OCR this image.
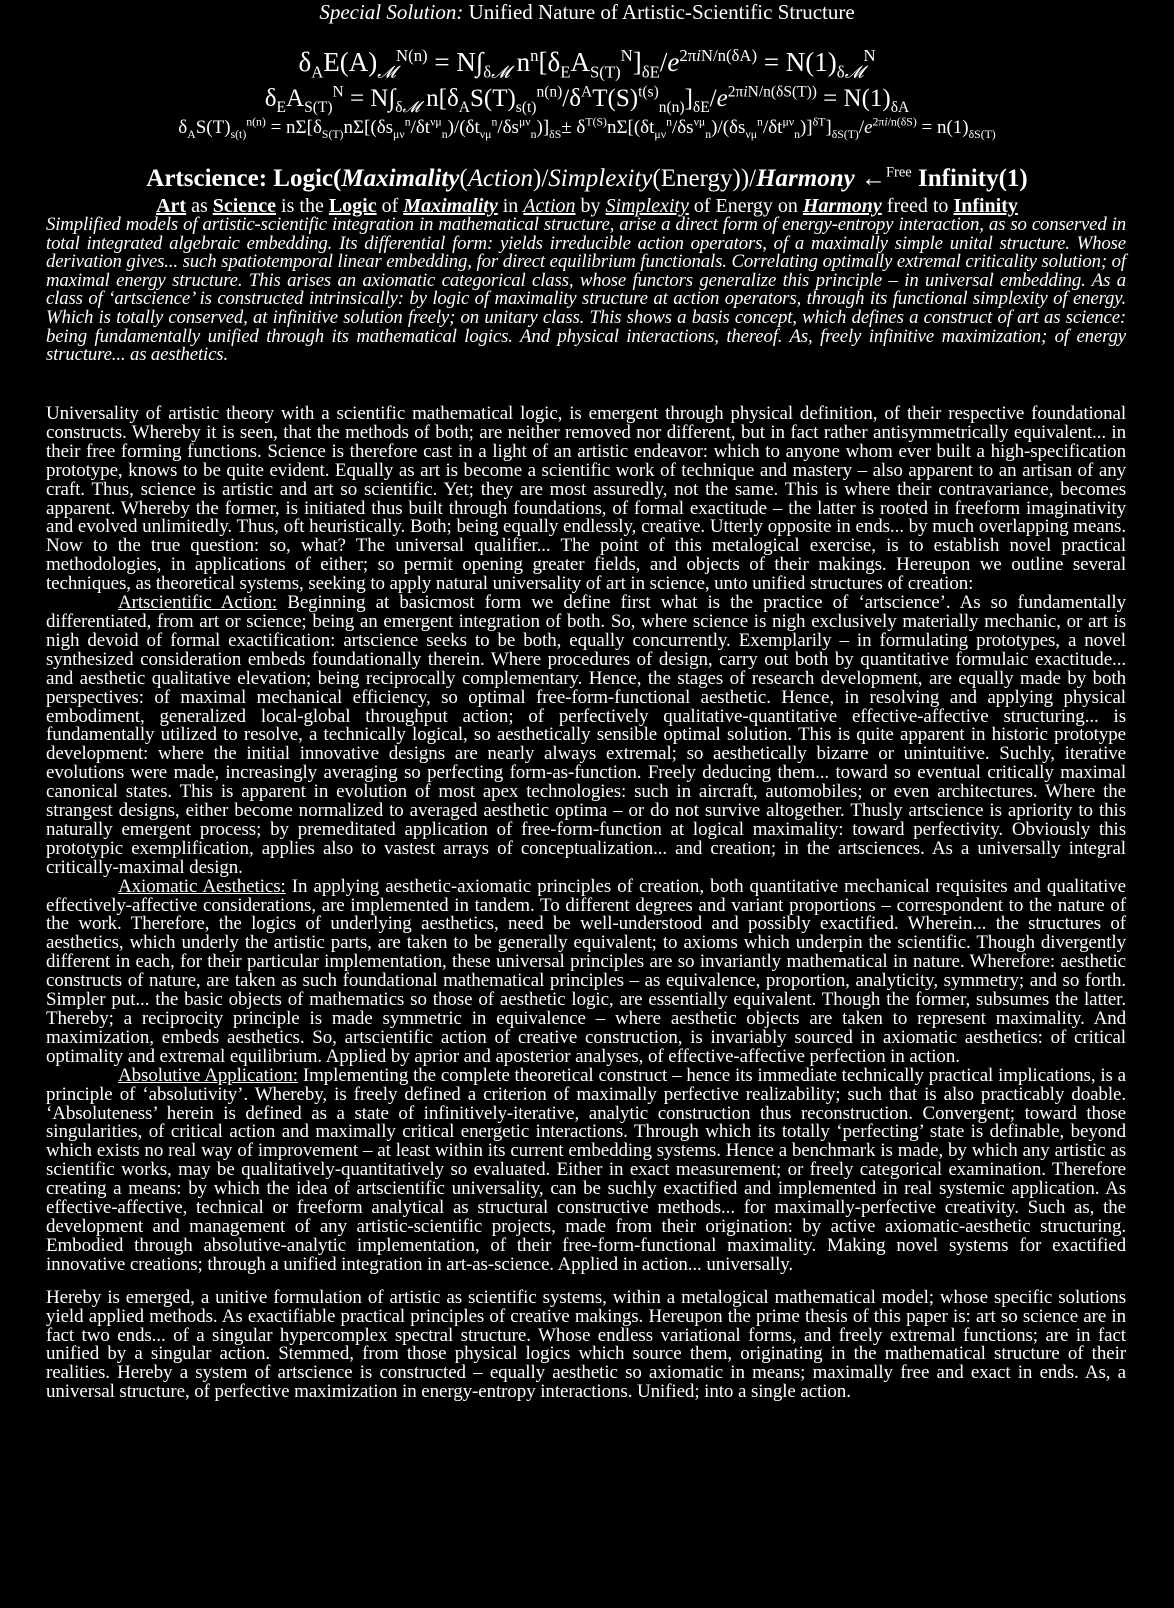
Special Solution: Unified Nature of Artistic-Scientific Structure
$\delta_AE(A)_𝓜^{N(n)} = N\int_{\delta 𝓜}$ $n^n[\delta_EA_{S(T)}^N]_{\delta E}/e^{2\pi iN/n(\delta A)} = N(1)_{\delta 𝓜}^N$
$\delta_EA_{S(T)}^N = N\int_{\delta 𝓜}$ $n[\delta_AS(T)_{s(t)}^{n(n)}/\delta^AT(S)^{t(s)}_{n(n)}]_{\delta E}/e^{2\pi iN/n(\delta S(T))} = N(1)_{\delta A}$
$\delta_AS(T)_{s(t)}^{n(n)} = n\Sigma[\delta_{S(T)}n\Sigma[(\delta s_{\mu\nu}^n/\delta t^{\nu\mu}_n)/(\delta t_{\nu\mu}^n/\delta s^{\mu\nu}_n)]_{\delta S}\pm \delta^{T(S)}n\Sigma[(\delta t_{\mu\nu}^n/\delta s^{\nu\mu}_n)/(\delta s_{\nu\mu}^n/\delta t^{\mu\nu}_n)]^{\delta T}]_{\delta S(T)}/e^{2\pi i/n(\delta S)} = n(1)_{\delta S(T)}$
Artscience: Logic(Maximality(Action)/Simplexity(Energy))/Harmony ←$^{Free}$ Infinity(1)
Art as Science is the Logic of Maximality in Action by Simplexity of Energy on Harmony freed to Infinity
Simplified models of artistic-scientific integration in mathematical structure, arise a direct form of energy-entropy interaction, as so conserved in total integrated algebraic embedding. Its differential form: yields irreducible action operators, of a maximally simple unital structure. Whose derivation gives... such spatiotemporal linear embedding, for direct equilibrium functionals. Correlating optimally extremal criticality solution; of maximal energy structure. This arises an axiomatic categorical class, whose functors generalize this principle – in universal embedding. As a class of ‘artscience’ is constructed intrinsically: by logic of maximality structure at action operators, through its functional simplexity of energy. Which is totally conserved, at infinitive solution freely; on unitary class. This shows a basis concept, which defines a construct of art as science: being fundamentally unified through its mathematical logics. And physical interactions, thereof. As, freely infinitive maximization; of energy structure... as aesthetics.

Universality of artistic theory with a scientific mathematical logic, is emergent through physical definition, of their respective foundational constructs. Whereby it is seen, that the methods of both; are neither removed nor different, but in fact rather antisymmetrically equivalent... in their free forming functions. Science is therefore cast in a light of an artistic endeavor: which to anyone whom ever built a high-specification prototype, knows to be quite evident. Equally as art is become a scientific work of technique and mastery – also apparent to an artisan of any craft. Thus, science is artistic and art so scientific. Yet; they are most assuredly, not the same. This is where their contravariance, becomes apparent. Whereby the former, is initiated thus built through foundations, of formal exactitude – the latter is rooted in freeform imaginativity and evolved unlimitedly. Thus, oft heuristically. Both; being equally endlessly, creative. Utterly opposite in ends... by much overlapping means. Now to the true question: so, what? The universal qualifier... The point of this metalogical exercise, is to establish novel practical methodologies, in applications of either; so permit opening greater fields, and objects of their makings. Hereupon we outline several techniques, as theoretical systems, seeking to apply natural universality of art in science, unto unified structures of creation:

Artscientific Action: Beginning at basicmost form we define first what is the practice of ‘artscience’. As so fundamentally differentiated, from art or science; being an emergent integration of both. So, where science is nigh exclusively materially mechanic, or art is nigh devoid of formal exactification: artscience seeks to be both, equally concurrently. Exemplarily – in formulating prototypes, a novel synthesized consideration embeds foundationally therein. Where procedures of design, carry out both by quantitative formulaic exactitude... and aesthetic qualitative elevation; being reciprocally complementary. Hence, the stages of research development, are equally made by both perspectives: of maximal mechanical efficiency, so optimal free-form-functional aesthetic. Hence, in resolving and applying physical embodiment, generalized local-global throughput action; of perfectively qualitative-quantitative effective-affective structuring... is fundamentally utilized to resolve, a technically logical, so aesthetically sensible optimal solution. This is quite apparent in historic prototype development: where the initial innovative designs are nearly always extremal; so aesthetically bizarre or unintuitive. Suchly, iterative evolutions were made, increasingly averaging so perfecting form-as-function. Freely deducing them... toward so eventual critically maximal canonical states. This is apparent in evolution of most apex technologies: such in aircraft, automobiles; or even architectures. Where the strangest designs, either become normalized to averaged aesthetic optima – or do not survive altogether. Thusly artscience is apriority to this naturally emergent process; by premeditated application of free-form-function at logical maximality: toward perfectivity. Obviously this prototypic exemplification, applies also to vastest arrays of conceptualization... and creation; in the artsciences. As a universally integral critically-maximal design.

Axiomatic Aesthetics: In applying aesthetic-axiomatic principles of creation, both quantitative mechanical requisites and qualitative effectively-affective considerations, are implemented in tandem. To different degrees and variant proportions – correspondent to the nature of the work. Therefore, the logics of underlying aesthetics, need be well-understood and possibly exactified. Wherein... the structures of aesthetics, which underly the artistic parts, are taken to be generally equivalent; to axioms which underpin the scientific. Though divergently different in each, for their particular implementation, these universal principles are so invariantly mathematical in nature. Wherefore: aesthetic constructs of nature, are taken as such foundational mathematical principles – as equivalence, proportion, analyticity, symmetry; and so forth. Simpler put... the basic objects of mathematics so those of aesthetic logic, are essentially equivalent. Though the former, subsumes the latter. Thereby; a reciprocity principle is made symmetric in equivalence – where aesthetic objects are taken to represent maximality. And maximization, embeds aesthetics. So, artscientific action of creative construction, is invariably sourced in axiomatic aesthetics: of critical optimality and extremal equilibrium. Applied by aprior and aposterior analyses, of effective-affective perfection in action.

Absolutive Application: Implementing the complete theoretical construct – hence its immediate technically practical implications, is a principle of ‘absolutivity’. Whereby, is freely defined a criterion of maximally perfective realizability; such that is also practicably doable. ‘Absoluteness’ herein is defined as a state of infinitively-iterative, analytic construction thus reconstruction. Convergent; toward those singularities, of critical action and maximally critical energetic interactions. Through which its totally ‘perfecting’ state is definable, beyond which exists no real way of improvement – at least within its current embedding systems. Hence a benchmark is made, by which any artistic as scientific works, may be qualitatively-quantitatively so evaluated. Either in exact measurement; or freely categorical examination. Therefore creating a means: by which the idea of artscientific universality, can be suchly exactified and implemented in real systemic application. As effective-affective, technical or freeform analytical as structural constructive methods... for maximally-perfective creativity. Such as, the development and management of any artistic-scientific projects, made from their origination: by active axiomatic-aesthetic structuring. Embodied through absolutive-analytic implementation, of their free-form-functional maximality. Making novel systems for exactified innovative creations; through a unified integration in art-as-science. Applied in action... universally.

Hereby is emerged, a unitive formulation of artistic as scientific systems, within a metalogical mathematical model; whose specific solutions yield applied methods. As exactifiable practical principles of creative makings. Hereupon the prime thesis of this paper is: art so science are in fact two ends... of a singular hypercomplex spectral structure. Whose endless variational forms, and freely extremal functions; are in fact unified by a singular action. Stemmed, from those physical logics which source them, originating in the mathematical structure of their realities. Hereby a system of artscience is constructed – equally aesthetic so axiomatic in means; maximally free and exact in ends. As, a universal structure, of perfective maximization in energy-entropy interactions. Unified; into a single action.
